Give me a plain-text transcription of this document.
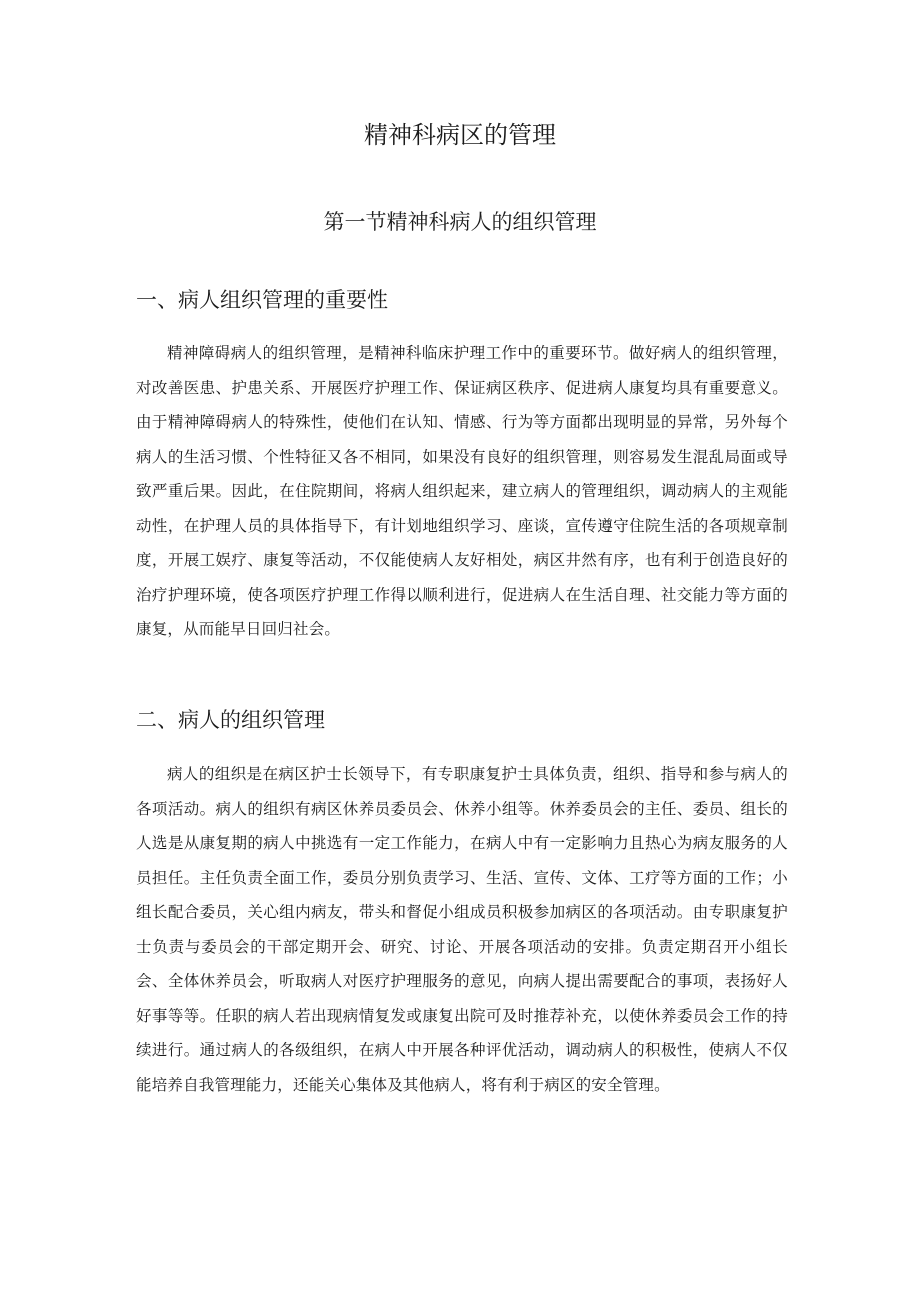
精神科病区的管理
第一节精神科病人的组织管理
一、病人组织管理的重要性

精神障碍病人的组织管理，是精神科临床护理工作中的重要环节。做好病人的组织管理，对改善医患、护患关系、开展医疗护理工作、保证病区秩序、促进病人康复均具有重要意义。由于精神障碍病人的特殊性，使他们在认知、情感、行为等方面都出现明显的异常，另外每个病人的生活习惯、个性特征又各不相同，如果没有良好的组织管理，则容易发生混乱局面或导致严重后果。因此，在住院期间，将病人组织起来，建立病人的管理组织，调动病人的主观能动性，在护理人员的具体指导下，有计划地组织学习、座谈，宣传遵守住院生活的各项规章制度，开展工娱疗、康复等活动，不仅能使病人友好相处，病区井然有序，也有利于创造良好的治疗护理环境，使各项医疗护理工作得以顺利进行，促进病人在生活自理、社交能力等方面的康复，从而能早日回归社会。

二、病人的组织管理

病人的组织是在病区护士长领导下，有专职康复护士具体负责，组织、指导和参与病人的各项活动。病人的组织有病区休养员委员会、休养小组等。休养委员会的主任、委员、组长的人选是从康复期的病人中挑选有一定工作能力，在病人中有一定影响力且热心为病友服务的人员担任。主任负责全面工作，委员分别负责学习、生活、宣传、文体、工疗等方面的工作；小组长配合委员，关心组内病友，带头和督促小组成员积极参加病区的各项活动。由专职康复护士负责与委员会的干部定期开会、研究、讨论、开展各项活动的安排。负责定期召开小组长会、全体休养员会，听取病人对医疗护理服务的意见，向病人提出需要配合的事项，表扬好人好事等等。任职的病人若出现病情复发或康复出院可及时推荐补充，以使休养委员会工作的持续进行。通过病人的各级组织，在病人中开展各种评优活动，调动病人的积极性，使病人不仅能培养自我管理能力，还能关心集体及其他病人，将有利于病区的安全管理。
